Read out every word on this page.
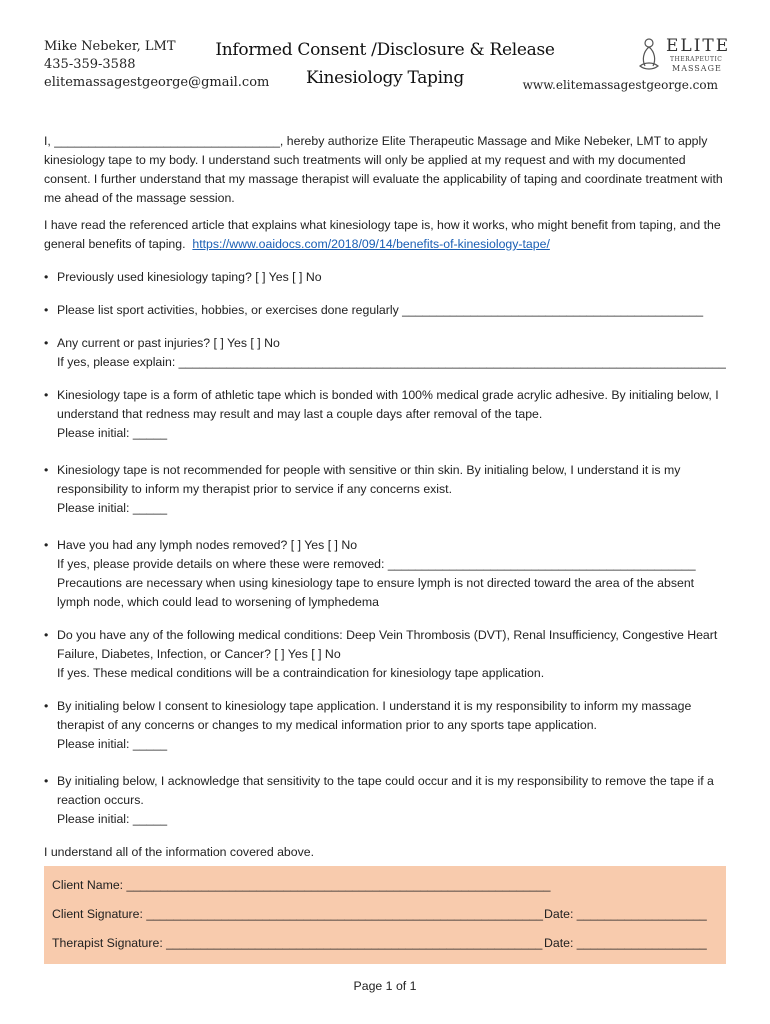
Mike Nebeker, LMT
435-359-3588
elitemassagestgeorge@gmail.com
Informed Consent /Disclosure & Release
Kinesiology Taping
ELITE
THERAPEUTIC
MASSAGE
www.elitemassagestgeorge.com

I, _________________________________, hereby authorize Elite Therapeutic Massage and Mike Nebeker, LMT to apply kinesiology tape to my body. I understand such treatments will only be applied at my request and with my documented consent. I further understand that my massage therapist will evaluate the applicability of taping and coordinate treatment with me ahead of the massage session.

I have read the referenced article that explains what kinesiology tape is, how it works, who might benefit from taping, and the general benefits of taping. https://www.oaidocs.com/2018/09/14/benefits-of-kinesiology-tape/

• Previously used kinesiology taping? [ ] Yes [ ] No
• Please list sport activities, hobbies, or exercises done regularly ____________________________________________
• Any current or past injuries? [ ] Yes [ ] No
If yes, please explain: ________________________________________________________________________________
• Kinesiology tape is a form of athletic tape which is bonded with 100% medical grade acrylic adhesive. By initialing below, I understand that redness may result and may last a couple days after removal of the tape.
Please initial: _____
• Kinesiology tape is not recommended for people with sensitive or thin skin. By initialing below, I understand it is my responsibility to inform my therapist prior to service if any concerns exist.
Please initial: _____
• Have you had any lymph nodes removed? [ ] Yes [ ] No
If yes, please provide details on where these were removed: _____________________________________________
Precautions are necessary when using kinesiology tape to ensure lymph is not directed toward the area of the absent lymph node, which could lead to worsening of lymphedema
• Do you have any of the following medical conditions: Deep Vein Thrombosis (DVT), Renal Insufficiency, Congestive Heart Failure, Diabetes, Infection, or Cancer? [ ] Yes [ ] No
If yes. These medical conditions will be a contraindication for kinesiology tape application.
• By initialing below I consent to kinesiology tape application. I understand it is my responsibility to inform my massage therapist of any concerns or changes to my medical information prior to any sports tape application.
Please initial: _____
• By initialing below, I acknowledge that sensitivity to the tape could occur and it is my responsibility to remove the tape if a reaction occurs.
Please initial: _____
I understand all of the information covered above.
Client Name: ______________________________________________________________
Client Signature: __________________________________________________________ Date: ___________________
Therapist Signature: _______________________________________________________ Date: ___________________
Page 1 of 1
